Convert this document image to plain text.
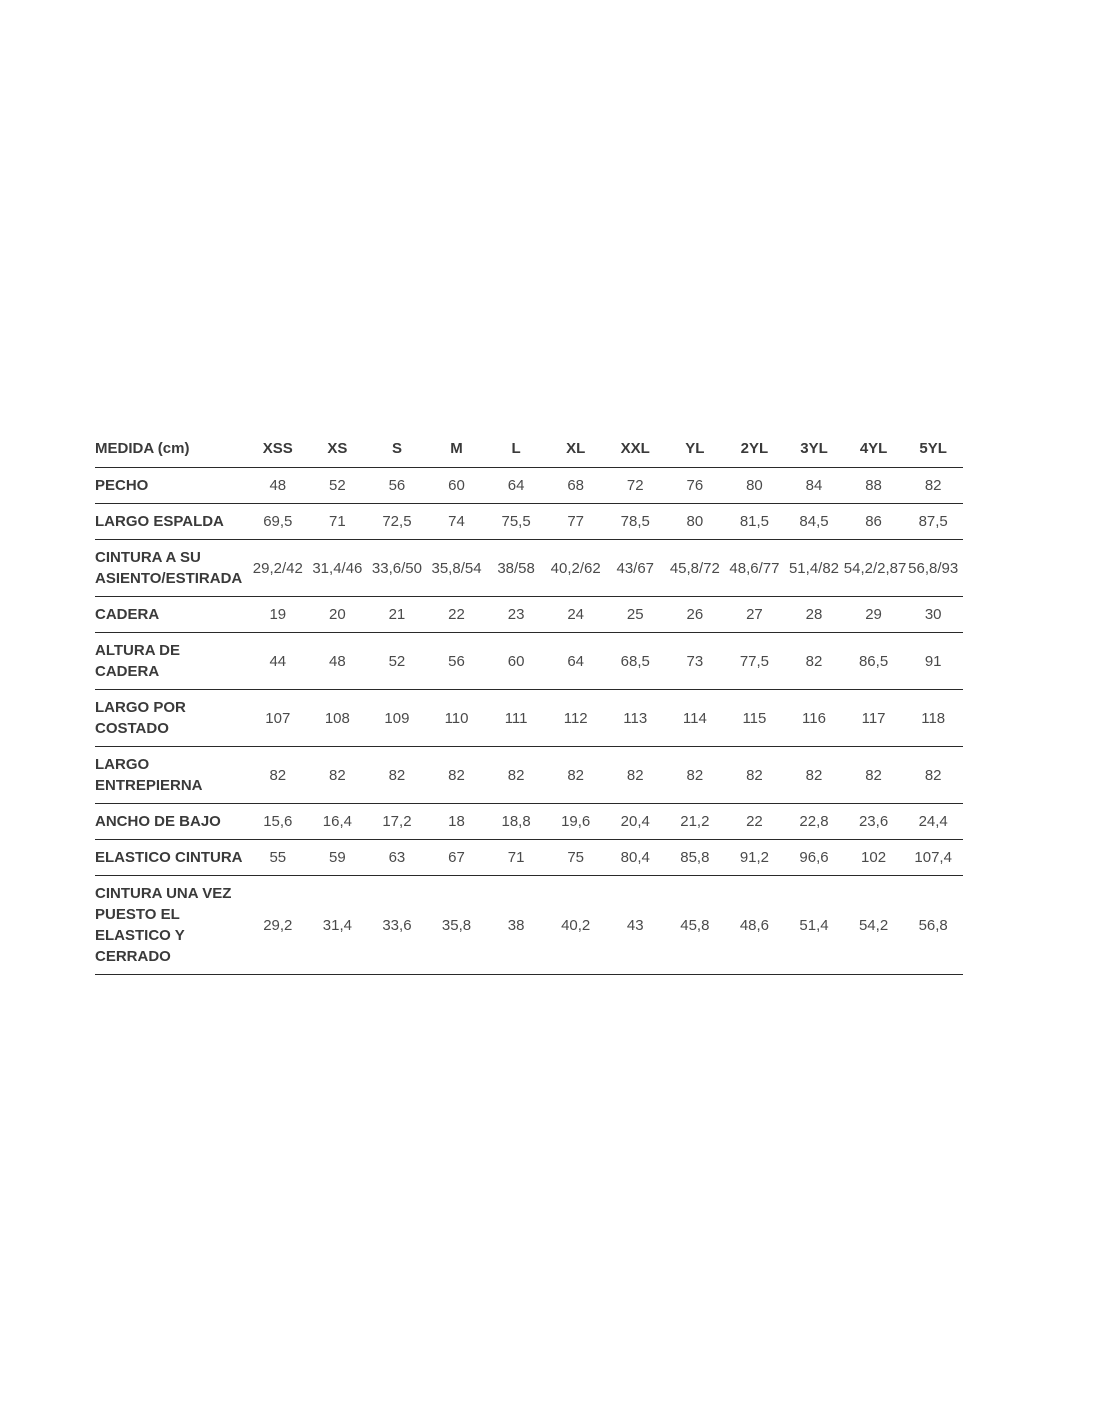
MEDIDA (cm)	XSS	XS	S	M	L	XL	XXL	YL	2YL	3YL	4YL	5YL
PECHO	48	52	56	60	64	68	72	76	80	84	88	82
LARGO ESPALDA	69,5	71	72,5	74	75,5	77	78,5	80	81,5	84,5	86	87,5
CINTURA A SU ASIENTO/ESTIRADA	29,2/42	31,4/46	33,6/50	35,8/54	38/58	40,2/62	43/67	45,8/72	48,6/77	51,4/82	54,2/2,87	56,8/93
CADERA	19	20	21	22	23	24	25	26	27	28	29	30
ALTURA DE CADERA	44	48	52	56	60	64	68,5	73	77,5	82	86,5	91
LARGO POR COSTADO	107	108	109	110	111	112	113	114	115	116	117	118
LARGO ENTREPIERNA	82	82	82	82	82	82	82	82	82	82	82	82
ANCHO DE BAJO	15,6	16,4	17,2	18	18,8	19,6	20,4	21,2	22	22,8	23,6	24,4
ELASTICO CINTURA	55	59	63	67	71	75	80,4	85,8	91,2	96,6	102	107,4
CINTURA UNA VEZ PUESTO EL ELASTICO Y CERRADO	29,2	31,4	33,6	35,8	38	40,2	43	45,8	48,6	51,4	54,2	56,8
